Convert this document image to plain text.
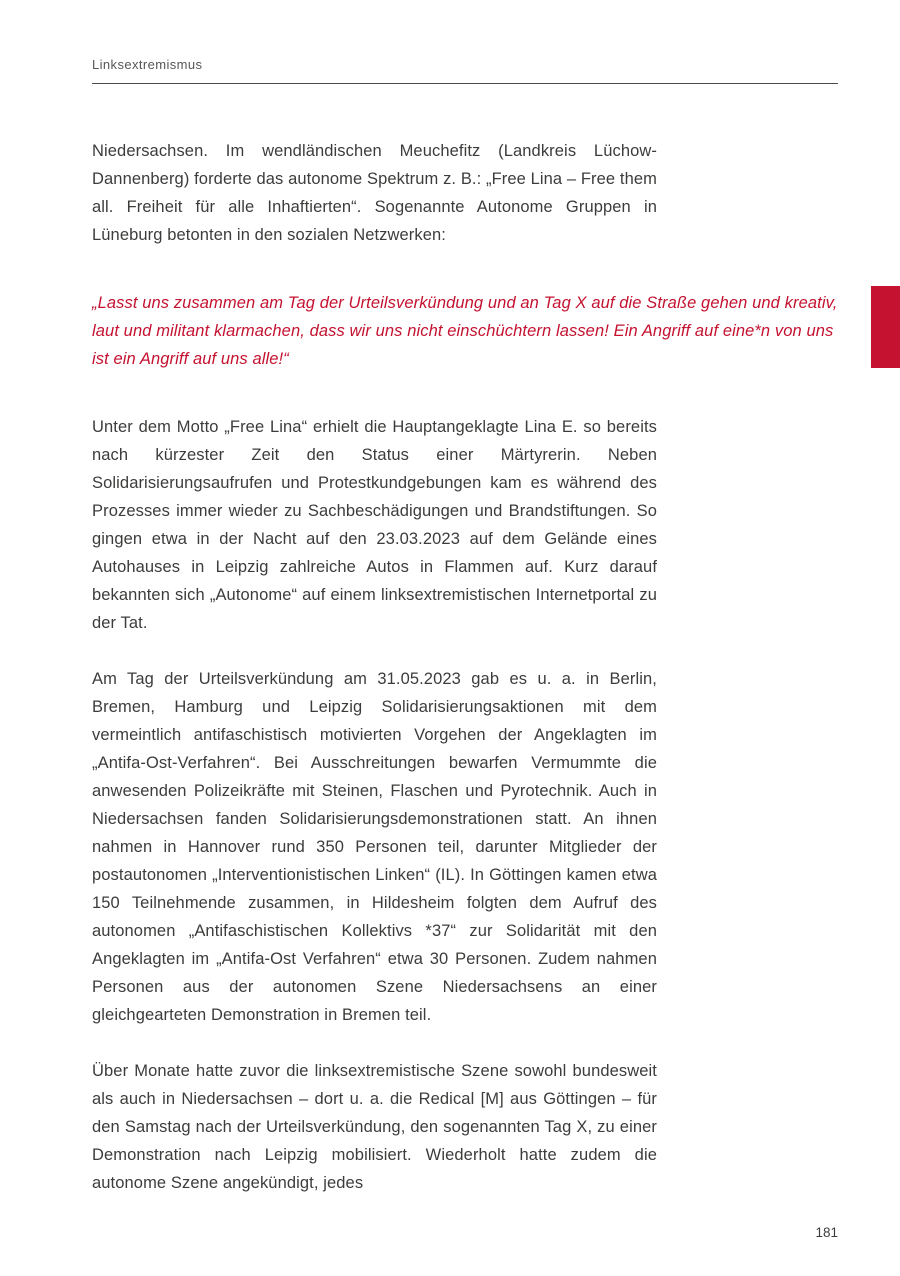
Linksextremismus

Niedersachsen. Im wendländischen Meuchefitz (Landkreis Lüchow-Dannenberg) forderte das autonome Spektrum z. B.: „Free Lina – Free them all. Freiheit für alle Inhaftierten“. Sogenannte Autonome Gruppen in Lüneburg betonten in den sozialen Netzwerken:

„Lasst uns zusammen am Tag der Urteilsverkündung und an Tag X auf die Straße gehen und kreativ, laut und militant klarmachen, dass wir uns nicht einschüchtern lassen! Ein Angriff auf eine*n von uns ist ein Angriff auf uns alle!“

Unter dem Motto „Free Lina“ erhielt die Hauptangeklagte Lina E. so bereits nach kürzester Zeit den Status einer Märtyrerin. Neben Solidarisierungsaufrufen und Protestkundgebungen kam es während des Prozesses immer wieder zu Sachbeschädigungen und Brandstiftungen. So gingen etwa in der Nacht auf den 23.03.2023 auf dem Gelände eines Autohauses in Leipzig zahlreiche Autos in Flammen auf. Kurz darauf bekannten sich „Autonome“ auf einem linksextremistischen Internetportal zu der Tat.

Am Tag der Urteilsverkündung am 31.05.2023 gab es u. a. in Berlin, Bremen, Hamburg und Leipzig Solidarisierungsaktionen mit dem vermeintlich antifaschistisch motivierten Vorgehen der Angeklagten im „Antifa-Ost-Verfahren“. Bei Ausschreitungen bewarfen Vermummte die anwesenden Polizeikräfte mit Steinen, Flaschen und Pyrotechnik. Auch in Niedersachsen fanden Solidarisierungsdemonstrationen statt. An ihnen nahmen in Hannover rund 350 Personen teil, darunter Mitglieder der postautonomen „Interventionistischen Linken“ (IL). In Göttingen kamen etwa 150 Teilnehmende zusammen, in Hildesheim folgten dem Aufruf des autonomen „Antifaschistischen Kollektivs *37“ zur Solidarität mit den Angeklagten im „Antifa-Ost Verfahren“ etwa 30 Personen. Zudem nahmen Personen aus der autonomen Szene Niedersachsens an einer gleichgearteten Demonstration in Bremen teil.

Über Monate hatte zuvor die linksextremistische Szene sowohl bundesweit als auch in Niedersachsen – dort u. a. die Redical [M] aus Göttingen – für den Samstag nach der Urteilsverkündung, den sogenannten Tag X, zu einer Demonstration nach Leipzig mobilisiert. Wiederholt hatte zudem die autonome Szene angekündigt, jedes

181
